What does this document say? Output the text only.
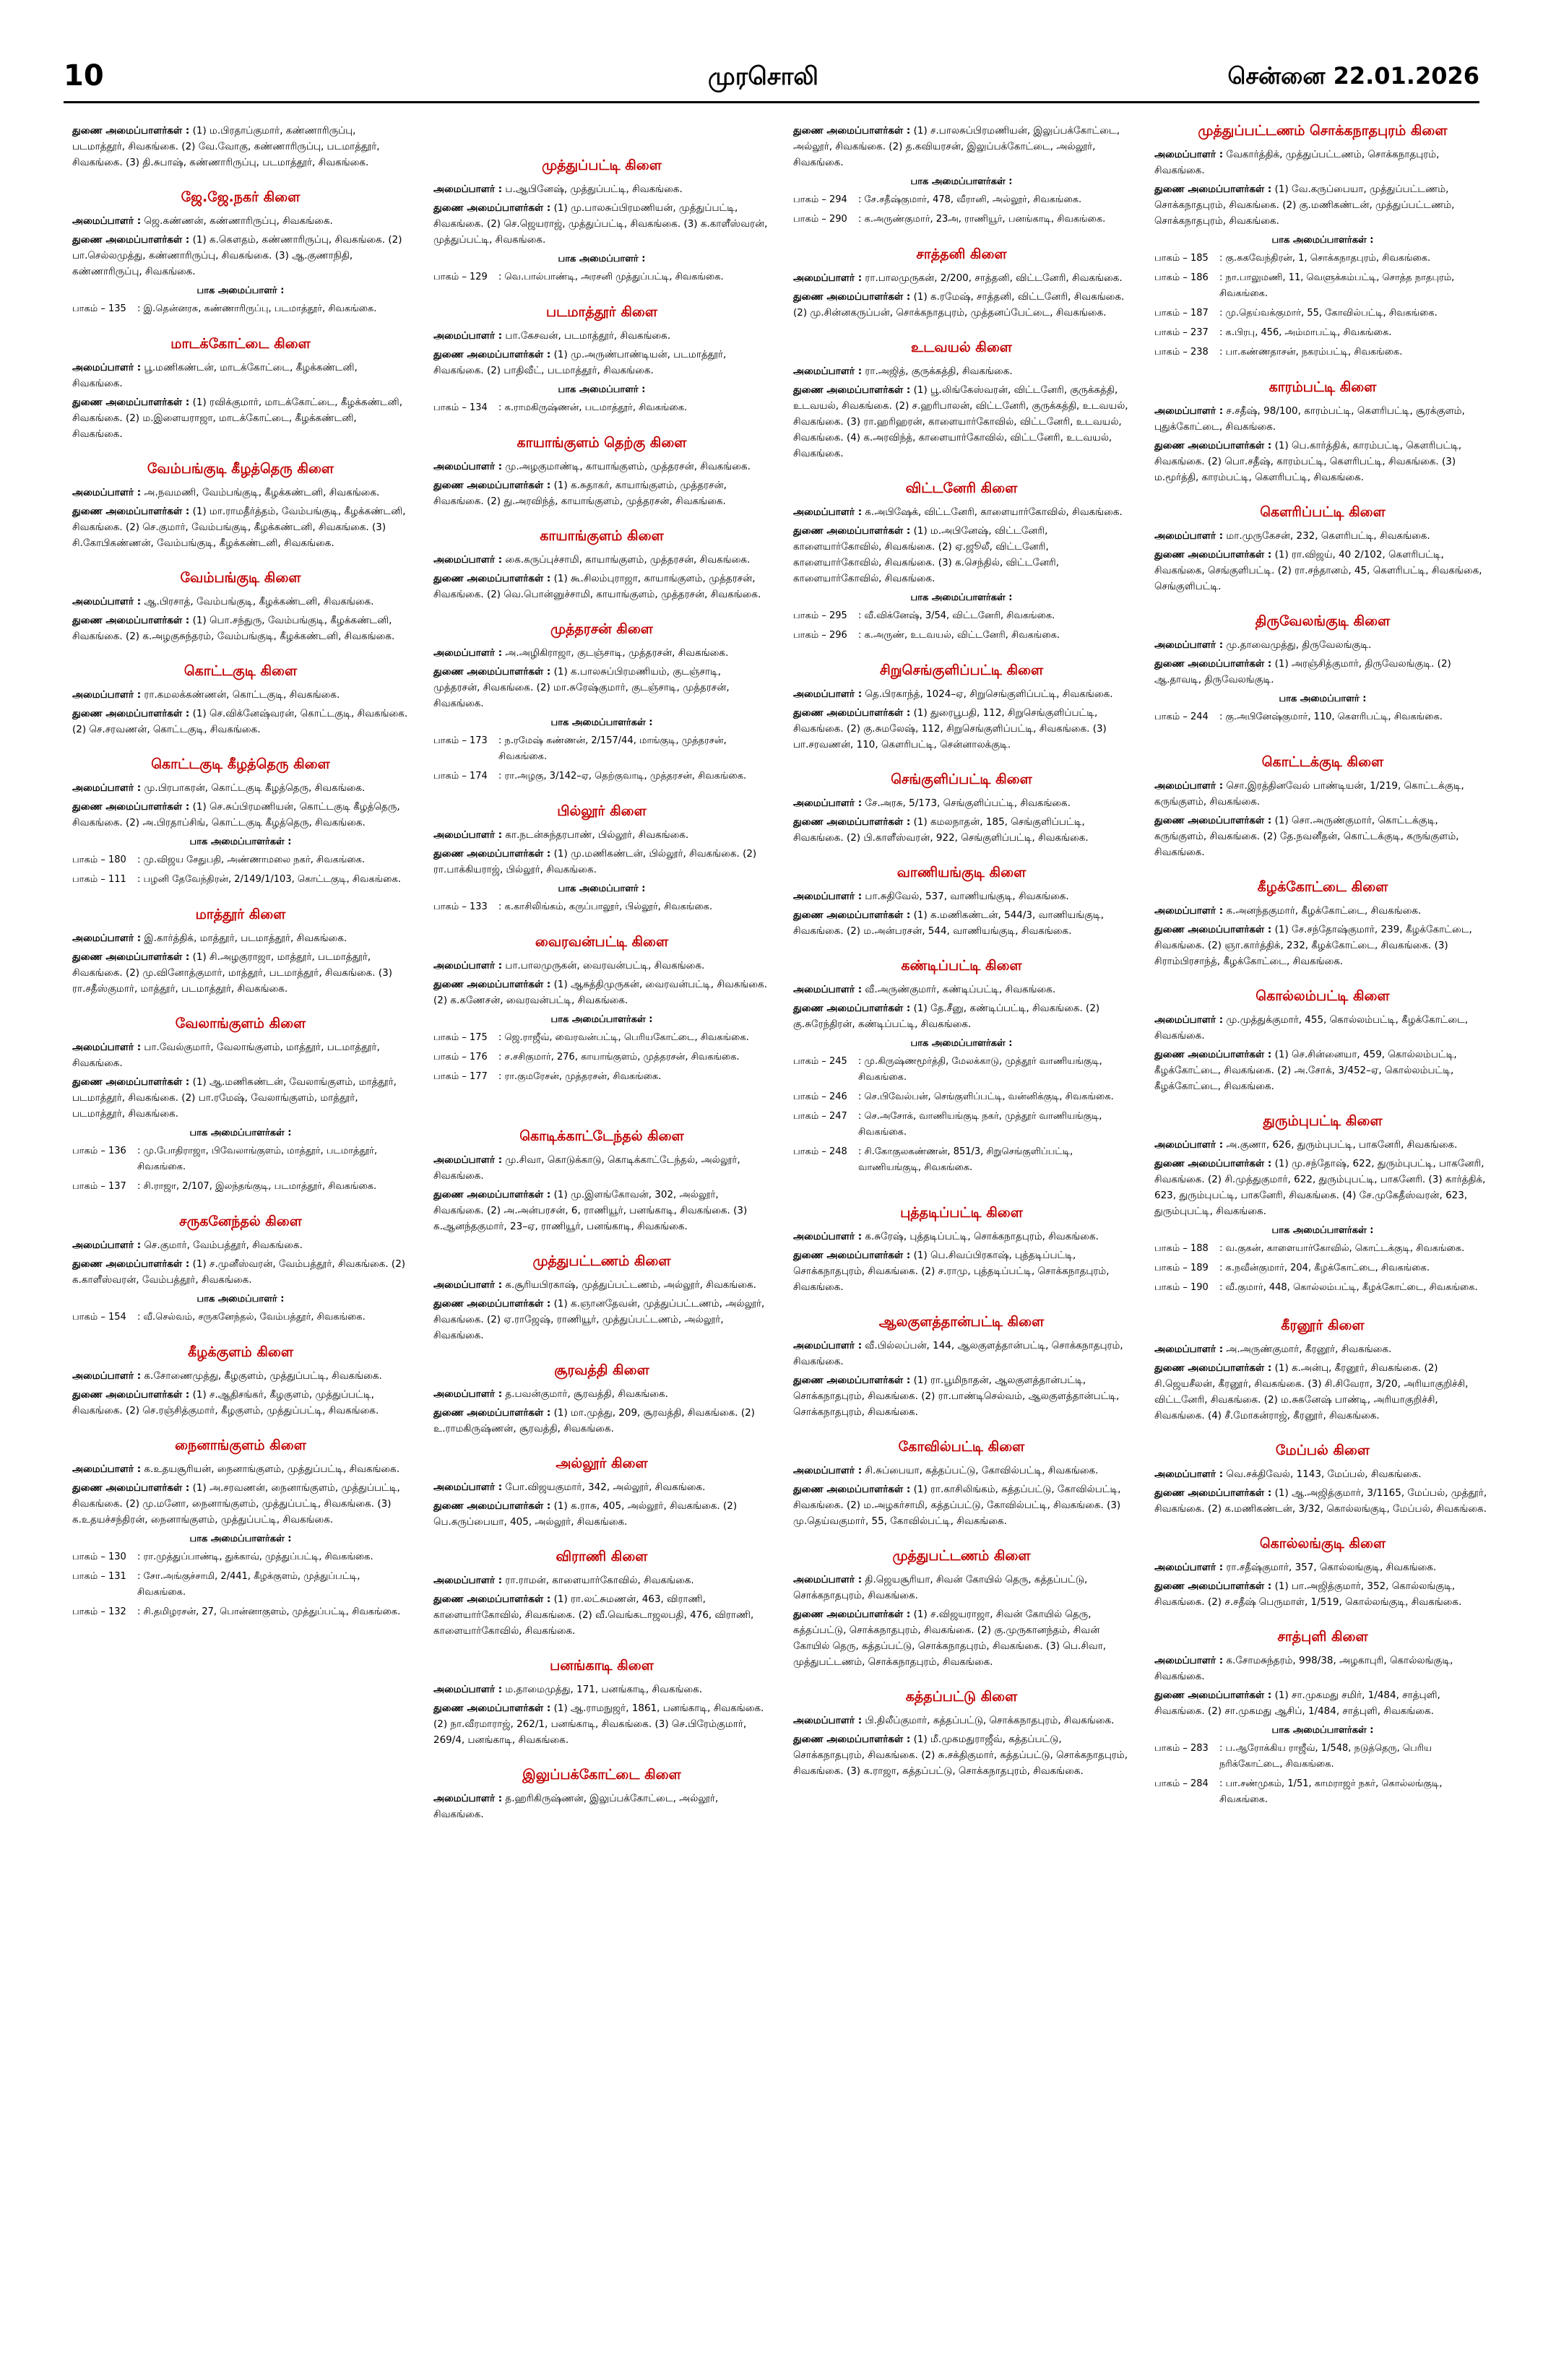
10	முரசொலி	சென்னை 22.01.2026
துணை அமைப்பாளர்கள் : (1) ம.பிரதாப்குமார், கண்ணாரிருப்பு, படமாத்தூர், சிவகங்கை. (2) வே.வோகு, கண்ணாரிருப்பு, படமாத்தூர், சிவகங்கை. (3) தி.சுபாஷ், கண்ணாரிருப்பு, படமாத்தூர், சிவகங்கை.
ஜே.ஜே.நகர் கிளை
அமைப்பாளர் : ஜெ.கண்ணன், கண்ணாரிருப்பு, சிவகங்கை.
துணை அமைப்பாளர்கள் : (1) க.கௌதம், கண்ணாரிருப்பு, சிவகங்கை. (2) பா.செல்லமுத்து, கண்ணாரிருப்பு, சிவகங்கை. (3) ஆ.குணாநிதி, கண்ணாரிருப்பு, சிவகங்கை.
பாக அமைப்பாளர் :
பாகம் – 135	: இ.தென்னரசு, கண்ணாரிருப்பு, படமாத்தூர், சிவகங்கை.
மாடக்கோட்டை கிளை
அமைப்பாளர் : பூ.மணிகண்டன், மாடக்கோட்டை, கீழக்கண்டனி, சிவகங்கை.
துணை அமைப்பாளர்கள் : (1) ரவிக்குமார், மாடக்கோட்டை, கீழக்கண்டனி, சிவகங்கை. (2) ம.இளையராஜா, மாடக்கோட்டை, கீழக்கண்டனி, சிவகங்கை.
வேம்பங்குடி கீழத்தெரு கிளை
அமைப்பாளர் : அ.நவமணி, வேம்பங்குடி, கீழக்கண்டனி, சிவகங்கை.
துணை அமைப்பாளர்கள் : (1) மா.ராமதீர்த்தம், வேம்பங்குடி, கீழக்கண்டனி, சிவகங்கை. (2) செ.குமார், வேம்பங்குடி, கீழக்கண்டனி, சிவகங்கை. (3) சி.கோபிகண்ணன், வேம்பங்குடி, கீழக்கண்டனி, சிவகங்கை.
வேம்பங்குடி கிளை
அமைப்பாளர் : ஆ.பிரசாத், வேம்பங்குடி, கீழக்கண்டனி, சிவகங்கை.
துணை அமைப்பாளர்கள் : (1) பொ.சந்துரு, வேம்பங்குடி, கீழக்கண்டனி, சிவகங்கை. (2) க.அழகுசுந்தரம், வேம்பங்குடி, கீழக்கண்டனி, சிவகங்கை.
கொட்டகுடி கிளை
அமைப்பாளர் : ரா.கமலக்கண்ணன், கொட்டகுடி, சிவகங்கை.
துணை அமைப்பாளர்கள் : (1) செ.விக்னேஷ்வரன், கொட்டகுடி, சிவகங்கை. (2) செ.சரவணன், கொட்டகுடி, சிவகங்கை.
கொட்டகுடி கீழத்தெரு கிளை
அமைப்பாளர் : மு.பிரபாகரன், கொட்டகுடி கீழத்தெரு, சிவகங்கை.
துணை அமைப்பாளர்கள் : (1) செ.சுப்பிரமணியன், கொட்டகுடி கீழத்தெரு, சிவகங்கை. (2) அ.பிரதாப்சிங், கொட்டகுடி கீழத்தெரு, சிவகங்கை.
பாக அமைப்பாளர்கள் :
பாகம் – 180	: மு.விஜய சேதுபதி, அண்ணாமலை நகர், சிவகங்கை.
பாகம் – 111	: பழனி தேவேந்திரன், 2/149/1/103, கொட்டகுடி, சிவகங்கை.
மாத்தூர் கிளை
அமைப்பாளர் : இ.கார்த்திக், மாத்தூர், படமாத்தூர், சிவகங்கை.
துணை அமைப்பாளர்கள் : (1) சி.அழகுராஜா, மாத்தூர், படமாத்தூர், சிவகங்கை. (2) மு.வினோத்குமார், மாத்தூர், படமாத்தூர், சிவகங்கை. (3) ரா.சதீஸ்குமார், மாத்தூர், படமாத்தூர், சிவகங்கை.
வேலாங்குளம் கிளை
அமைப்பாளர் : பா.வேல்குமார், வேலாங்குளம், மாத்தூர், படமாத்தூர், சிவகங்கை.
துணை அமைப்பாளர்கள் : (1) ஆ.மணிகண்டன், வேலாங்குளம், மாத்தூர், படமாத்தூர், சிவகங்கை. (2) பா.ரமேஷ், வேலாங்குளம், மாத்தூர், படமாத்தூர், சிவகங்கை.
பாக அமைப்பாளர்கள் :
பாகம் – 136	: மு.போதிராஜா, பிவேலாங்குளம், மாத்தூர், படமாத்தூர், சிவகங்கை.
பாகம் – 137	: சி.ராஜா, 2/107, இலந்தங்குடி, படமாத்தூர், சிவகங்கை.
சருகனேந்தல் கிளை
அமைப்பாளர் : செ.குமார், வேம்பத்தூர், சிவகங்கை.
துணை அமைப்பாளர்கள் : (1) ச.முனீஸ்வரன், வேம்பத்தூர், சிவகங்கை. (2) க.காளீஸ்வரன், வேம்பத்தூர், சிவகங்கை.
பாக அமைப்பாளர் :
பாகம் – 154	: வீ.செல்வம், சருகனேந்தல், வேம்பத்தூர், சிவகங்கை.
கீழக்குளம் கிளை
அமைப்பாளர் : க.சோணைமுத்து, கீழகுளம், முத்துப்பட்டி, சிவகங்கை.
துணை அமைப்பாளர்கள் : (1) ச.ஆதிசங்கர், கீழகுளம், முத்துப்பட்டி, சிவகங்கை. (2) செ.ரஞ்சித்குமார், கீழகுளம், முத்துப்பட்டி, சிவகங்கை.
நைனாங்குளம் கிளை
அமைப்பாளர் : க.உதயசூரியன், நைனாங்குளம், முத்துப்பட்டி, சிவகங்கை.
துணை அமைப்பாளர்கள் : (1) அ.சரவணன், நைனாங்குளம், முத்துப்பட்டி, சிவகங்கை. (2) மு.மனோ, நைனாங்குளம், முத்துப்பட்டி, சிவகங்கை. (3) க.உதயச்சந்திரன், நைனாங்குளம், முத்துப்பட்டி, சிவகங்கை.
பாக அமைப்பாளர்கள் :
பாகம் – 130	: ரா.முத்துப்பாண்டி, துக்காவ், முத்துப்பட்டி, சிவகங்கை.
பாகம் – 131	: சோ.அங்குச்சாமி, 2/441, கீழக்குளம், முத்துப்பட்டி, சிவகங்கை.
பாகம் – 132	: சி.தமிழரசன், 27, பொன்னாகுளம், முத்துப்பட்டி, சிவகங்கை.
முத்துப்பட்டி கிளை
அமைப்பாளர் : ப.ஆபினேஷ், முத்துப்பட்டி, சிவகங்கை.
துணை அமைப்பாளர்கள் : (1) மு.பாலசுப்பிரமணியன், முத்துப்பட்டி, சிவகங்கை. (2) செ.ஜெயராஜ், முத்துப்பட்டி, சிவகங்கை. (3) க.காளீஸ்வரன், முத்துப்பட்டி, சிவகங்கை.
பாக அமைப்பாளர் :
பாகம் – 129	: வெ.பால்பாண்டி, அரசனி முத்துப்பட்டி, சிவகங்கை.
படமாத்தூர் கிளை
அமைப்பாளர் : பா.கேசவன், படமாத்தூர், சிவகங்கை.
துணை அமைப்பாளர்கள் : (1) மு.அருண்பாண்டியன், படமாத்தூர், சிவகங்கை. (2) பாதிவீட், படமாத்தூர், சிவகங்கை.
பாக அமைப்பாளர் :
பாகம் – 134	: க.ராமகிருஷ்ணன், படமாத்தூர், சிவகங்கை.
காயாங்குளம் தெற்கு கிளை
அமைப்பாளர் : மு.அழகுமாண்டி, காயாங்குளம், முத்தரசன், சிவகங்கை.
துணை அமைப்பாளர்கள் : (1) க.சுதாகர், காயாங்குளம், முத்தரசன், சிவகங்கை. (2) து.அரவிந்த், காயாங்குளம், முத்தரசன், சிவகங்கை.
காயாங்குளம் கிளை
அமைப்பாளர் : கை.கருப்புச்சாமி, காயாங்குளம், முத்தரசன், சிவகங்கை.
துணை அமைப்பாளர்கள் : (1) கூ.சிலம்புராஜா, காயாங்குளம், முத்தரசன், சிவகங்கை. (2) வெ.பொன்னுச்சாமி, காயாங்குளம், முத்தரசன், சிவகங்கை.
முத்தரசன் கிளை
அமைப்பாளர் : அ.அழிகிராஜா, குடஞ்சாடி, முத்தரசன், சிவகங்கை.
துணை அமைப்பாளர்கள் : (1) க.பாலசுப்பிரமணியம், குடஞ்சாடி, முத்தரசன், சிவகங்கை. (2) மா.சுரேஷ்குமார், குடஞ்சாடி, முத்தரசன், சிவகங்கை.
பாக அமைப்பாளர்கள் :
பாகம் – 173	: ந.ரமேஷ் கண்ணன், 2/157/44, மாங்குடி, முத்தரசன், சிவகங்கை.
பாகம் – 174	: ரா.அழகு, 3/142–ஏ, தெற்குவாடி, முத்தரசன், சிவகங்கை.
பில்லூர் கிளை
அமைப்பாளர் : கா.நடன்சுந்தரபாண், பில்லூர், சிவகங்கை.
துணை அமைப்பாளர்கள் : (1) மு.மணிகண்டன், பில்லூர், சிவகங்கை. (2) ரா.பாக்கியராஜ், பில்லூர், சிவகங்கை.
பாக அமைப்பாளர் :
பாகம் – 133	: க.காசிலிங்கம், கருப்பாலூர், பில்லூர், சிவகங்கை.
வைரவன்பட்டி கிளை
அமைப்பாளர் : பா.பாலமுருகன், வைரவன்பட்டி, சிவகங்கை.
துணை அமைப்பாளர்கள் : (1) ஆசுத்திமுருகன், வைரவன்பட்டி, சிவகங்கை. (2) க.கணேசன், வைரவன்பட்டி, சிவகங்கை.
பாக அமைப்பாளர்கள் :
பாகம் – 175	: ஜெ.ராஜீவ், வைரவன்பட்டி, பெரியகோட்டை, சிவகங்கை.
பாகம் – 176	: ச.சசிகுமார், 276, காயாங்குளம், முத்தரசன், சிவகங்கை.
பாகம் – 177	: ரா.குமரேசன், முத்தரசன், சிவகங்கை.
கொடிக்காட்டேந்தல் கிளை
அமைப்பாளர் : மு.சிவா, கொடுக்காடு, கொடிக்காட்டேந்தல், அல்லூர், சிவகங்கை.
துணை அமைப்பாளர்கள் : (1) மு.இளங்கோவன், 302, அல்லூர், சிவகங்கை. (2) அ.அன்பரசன், 6, ராணியூர், பனங்காடி, சிவகங்கை. (3) க.ஆனந்தகுமார், 23–ஏ, ராணியூர், பனங்காடி, சிவகங்கை.
முத்துபட்டணம் கிளை
அமைப்பாளர் : க.சூரியபிரகாஷ், முத்துப்பட்டணம், அல்லூர், சிவகங்கை.
துணை அமைப்பாளர்கள் : (1) க.ஞானதேவன், முத்துப்பட்டணம், அல்லூர், சிவகங்கை. (2) ஏ.ராஜேஷ், ராணியூர், முத்துப்பட்டணம், அல்லூர், சிவகங்கை.
சூரவத்தி கிளை
அமைப்பாளர் : த.பவன்குமார், சூரவத்தி, சிவகங்கை.
துணை அமைப்பாளர்கள் : (1) மா.முத்து, 209, சூரவத்தி, சிவகங்கை. (2) உ.ராமகிருஷ்ணன், சூரவத்தி, சிவகங்கை.
அல்லூர் கிளை
அமைப்பாளர் : போ.விஜயகுமார், 342, அல்லூர், சிவகங்கை.
துணை அமைப்பாளர்கள் : (1) க.ராசு, 405, அல்லூர், சிவகங்கை. (2) பெ.கருப்பையா, 405, அல்லூர், சிவகங்கை.
விராணி கிளை
அமைப்பாளர் : ரா.ராமன், காளையார்கோவில், சிவகங்கை.
துணை அமைப்பாளர்கள் : (1) ரா.லட்சுமணன், 463, விராணி, காளையார்கோவில், சிவகங்கை. (2) வீ.வெங்கடாஜலபதி, 476, விராணி, காளையார்கோவில், சிவகங்கை.
பனங்காடி கிளை
அமைப்பாளர் : ம.தாமைமுத்து, 171, பனங்காடி, சிவகங்கை.
துணை அமைப்பாளர்கள் : (1) ஆ.ராமநுஜர், 1861, பனங்காடி, சிவகங்கை. (2) நா.வீரமாராஜ், 262/1, பனங்காடி, சிவகங்கை. (3) செ.பிரேம்குமார், 269/4, பனங்காடி, சிவகங்கை.
இலுப்பக்கோட்டை கிளை
அமைப்பாளர் : த.ஹரிகிருஷ்ணன், இலுப்பக்கோட்டை, அல்லூர், சிவகங்கை.
துணை அமைப்பாளர்கள் : (1) ச.பாலசுப்பிரமணியன், இலுப்பக்கோட்டை, அல்லூர், சிவகங்கை. (2) த.கவியரசன், இலுப்பக்கோட்டை, அல்லூர், சிவகங்கை.
பாக அமைப்பாளர்கள் :
பாகம் – 294	: சே.சதீஷ்குமார், 478, வீரானி, அல்லூர், சிவகங்கை.
பாகம் – 290	: க.அருண்குமார், 23அ, ராணியூர், பனங்காடி, சிவகங்கை.
சாத்தனி கிளை
அமைப்பாளர் : ரா.பாலமுருகன், 2/200, சாத்தனி, விட்டனேரி, சிவகங்கை.
துணை அமைப்பாளர்கள் : (1) க.ரமேஷ், சாத்தனி, விட்டனேரி, சிவகங்கை. (2) மு.சின்னகருப்பன், சொக்கநாதபுரம், முத்தனப்பேட்டை, சிவகங்கை.
உடவயல் கிளை
அமைப்பாளர் : ரா.அஜித், குருக்கத்தி, சிவகங்கை.
துணை அமைப்பாளர்கள் : (1) பூ.லிங்கேஸ்வரன், விட்டனேரி, குருக்கத்தி, உடவயல், சிவகங்கை. (2) ச.ஹரிபாலன், விட்டனேரி, குருக்கத்தி, உடவயல், சிவகங்கை. (3) ரா.ஹரிஹரன், காளையார்கோவில், விட்டனேரி, உடவயல், சிவகங்கை. (4) க.அரவிந்த், காளையார்கோவில், விட்டனேரி, உடவயல், சிவகங்கை.
விட்டனேரி கிளை
அமைப்பாளர் : க.அபிஷேக், விட்டனேரி, காளையார்கோவில், சிவகங்கை.
துணை அமைப்பாளர்கள் : (1) ம.அபினேஷ், விட்டனேரி, காளையார்கோவில், சிவகங்கை. (2) ஏ.ஜூலீ, விட்டனேரி, காளையார்கோவில், சிவகங்கை. (3) க.செந்தில், விட்டனேரி, காளையார்கோவில், சிவகங்கை.
பாக அமைப்பாளர்கள் :
பாகம் – 295	: வீ.விக்னேஷ், 3/54, விட்டனேரி, சிவகங்கை.
பாகம் – 296	: க.அருண், உடவயல், விட்டனேரி, சிவகங்கை.
சிறுசெங்குளிப்பட்டி கிளை
அமைப்பாளர் : தெ.பிரகாந்த், 1024–ஏ, சிறுசெங்குளிப்பட்டி, சிவகங்கை.
துணை அமைப்பாளர்கள் : (1) துரைபூபதி, 112, சிறுசெங்குளிப்பட்டி, சிவகங்கை. (2) கு.சுமலேஷ், 112, சிறுசெங்குளிப்பட்டி, சிவகங்கை. (3) பா.சரவணன், 110, கௌரிபட்டி, சென்னாலக்குடி.
செங்குளிப்பட்டி கிளை
அமைப்பாளர் : சே.அரசு, 5/173, செங்குளிப்பட்டி, சிவகங்கை.
துணை அமைப்பாளர்கள் : (1) கமலநாதன், 185, செங்குளிப்பட்டி, சிவகங்கை. (2) பி.காளீஸ்வரன், 922, செங்குளிப்பட்டி, சிவகங்கை.
வாணியங்குடி கிளை
அமைப்பாளர் : பா.சுதிவேல், 537, வாணியங்குடி, சிவகங்கை.
துணை அமைப்பாளர்கள் : (1) க.மணிகண்டன், 544/3, வாணியங்குடி, சிவகங்கை. (2) ம.அன்பரசன், 544, வாணியங்குடி, சிவகங்கை.
கண்டிப்பட்டி கிளை
அமைப்பாளர் : வீ.அருண்குமார், கண்டிப்பட்டி, சிவகங்கை.
துணை அமைப்பாளர்கள் : (1) தே.சீனு, கண்டிப்பட்டி, சிவகங்கை. (2) கு.சுரேந்திரன், கண்டிப்பட்டி, சிவகங்கை.
பாக அமைப்பாளர்கள் :
பாகம் – 245	: மு.கிருஷ்ணமூர்த்தி, மேலக்காடு, முத்தூர் வாணியங்குடி, சிவகங்கை.
பாகம் – 246	: செ.பிவேல்பன், செங்குளிப்பட்டி, வன்னிக்குடி, சிவகங்கை.
பாகம் – 247	: செ.அசோக், வாணியங்குடி நகர், முத்தூர் வாணியங்குடி, சிவகங்கை.
பாகம் – 248	: சி.கோகுலகண்ணன், 851/3, சிறுசெங்குளிப்பட்டி, வாணியங்குடி, சிவகங்கை.
புத்தடிப்பட்டி கிளை
அமைப்பாளர் : க.சுரேஷ், புத்தடிப்பட்டி, சொக்கநாதபுரம், சிவகங்கை.
துணை அமைப்பாளர்கள் : (1) பெ.சிவப்பிரகாஷ், புத்தடிப்பட்டி, சொக்கநாதபுரம், சிவகங்கை. (2) ச.ராமு, புத்தடிப்பட்டி, சொக்கநாதபுரம், சிவகங்கை.
ஆலகுளத்தான்பட்டி கிளை
அமைப்பாளர் : வீ.பில்லப்பன், 144, ஆலகுளத்தான்பட்டி, சொக்கநாதபுரம், சிவகங்கை.
துணை அமைப்பாளர்கள் : (1) ரா.பூமிநாதன், ஆலகுளத்தான்பட்டி, சொக்கநாதபுரம், சிவகங்கை. (2) ரா.பாண்டிசெல்வம், ஆலகுளத்தான்பட்டி, சொக்கநாதபுரம், சிவகங்கை.
கோவில்பட்டி கிளை
அமைப்பாளர் : சி.சுப்பையா, கத்தப்பட்டு, கோவில்பட்டி, சிவகங்கை.
துணை அமைப்பாளர்கள் : (1) ரா.காசிலிங்கம், கத்தப்பட்டு, கோவில்பட்டி, சிவகங்கை. (2) ம.அழகர்சாமி, கத்தப்பட்டு, கோவில்பட்டி, சிவகங்கை. (3) மு.தெய்வகுமார், 55, கோவில்பட்டி, சிவகங்கை.
முத்துபட்டணம் கிளை
அமைப்பாளர் : தி.ஜெயசூரியா, சிவன் கோயில் தெரு, கத்தப்பட்டு, சொக்கநாதபுரம், சிவகங்கை.
துணை அமைப்பாளர்கள் : (1) ச.விஜயராஜா, சிவன் கோயில் தெரு, கத்தப்பட்டு, சொக்கநாதபுரம், சிவகங்கை. (2) கு.முருகானந்தம், சிவன் கோயில் தெரு, கத்தப்பட்டு, சொக்கநாதபுரம், சிவகங்கை. (3) பெ.சிவா, முத்துபட்டணம், சொக்கநாதபுரம், சிவகங்கை.
கத்தப்பட்டு கிளை
அமைப்பாளர் : பி.திலீப்குமார், கத்தப்பட்டு, சொக்கநாதபுரம், சிவகங்கை.
துணை அமைப்பாளர்கள் : (1) மீ.முகமதுராஜீவ், கத்தப்பட்டு, சொக்கநாதபுரம், சிவகங்கை. (2) சு.சக்திகுமார், கத்தப்பட்டு, சொக்கநாதபுரம், சிவகங்கை. (3) க.ராஜா, கத்தப்பட்டு, சொக்கநாதபுரம், சிவகங்கை.
முத்துப்பட்டணம் சொக்கநாதபுரம் கிளை
அமைப்பாளர் : வேகார்த்திக், முத்துப்பட்டணம், சொக்கநாதபுரம், சிவகங்கை.
துணை அமைப்பாளர்கள் : (1) வே.கருப்பையா, முத்துப்பட்டணம், சொக்கநாதபுரம், சிவகங்கை. (2) கு.மணிகண்டன், முத்துப்பட்டணம், சொக்கநாதபுரம், சிவகங்கை.
பாக அமைப்பாளர்கள் :
பாகம் – 185	: கு.சுகவேந்திரன், 1, சொக்கநாதபுரம், சிவகங்கை.
பாகம் – 186	: நா.பாலுமணி, 11, வெளுக்கம்பட்டி, சொத்த நாதபுரம், சிவகங்கை.
பாகம் – 187	: மு.தெய்வக்குமார், 55, கோவில்பட்டி, சிவகங்கை.
பாகம் – 237	: க.பிரபு, 456, அம்மாபட்டி, சிவகங்கை.
பாகம் – 238	: பா.கண்ணதாசன், நகரம்பட்டி, சிவகங்கை.
காரம்பட்டி கிளை
அமைப்பாளர் : ச.சதீஷ், 98/100, காரம்பட்டி, கௌரிபட்டி, சூரக்குளம், புதுக்கோட்டை, சிவகங்கை.
துணை அமைப்பாளர்கள் : (1) பெ.கார்த்திக், காரம்பட்டி, கௌரிபட்டி, சிவகங்கை. (2) பொ.சதீஷ், காரம்பட்டி, கௌரிபட்டி, சிவகங்கை. (3) ம.மூர்த்தி, காரம்பட்டி, கௌரிபட்டி, சிவகங்கை.
கௌரிப்பட்டி கிளை
அமைப்பாளர் : மா.முருகேசன், 232, கௌரிபட்டி, சிவகங்கை.
துணை அமைப்பாளர்கள் : (1) ரா.விஜய், 40 2/102, கௌரிபட்டி, சிவகங்கை, செங்குளிபட்டி. (2) ரா.சந்தானம், 45, கௌரிபட்டி, சிவகங்கை, செங்குளிபட்டி.
திருவேலங்குடி கிளை
அமைப்பாளர் : மு.தாவைமுத்து, திருவேலங்குடி.
துணை அமைப்பாளர்கள் : (1) அரஞ்சித்குமார், திருவேலங்குடி. (2) ஆ.தாவடி, திருவேலங்குடி.
பாக அமைப்பாளர் :
பாகம் – 244	: கு.அபினேஷ்குமார், 110, கௌரிபட்டி, சிவகங்கை.
கொட்டக்குடி கிளை
அமைப்பாளர் : சொ.இரத்தினவேல் பாண்டியன், 1/219, கொட்டக்குடி, கருங்குளம், சிவகங்கை.
துணை அமைப்பாளர்கள் : (1) சொ.அருண்குமார், கொட்டக்குடி, கருங்குளம், சிவகங்கை. (2) தே.நவனீதன், கொட்டக்குடி, கருங்குளம், சிவகங்கை.
கீழக்கோட்டை கிளை
அமைப்பாளர் : க.அனந்தகுமார், கீழக்கோட்டை, சிவகங்கை.
துணை அமைப்பாளர்கள் : (1) சே.சந்தோஷ்குமார், 239, கீழக்கோட்டை, சிவகங்கை. (2) ஞா.கார்த்திக், 232, கீழக்கோட்டை, சிவகங்கை. (3) சிராம்பிரசாந்த், கீழக்கோட்டை, சிவகங்கை.
கொல்லம்பட்டி கிளை
அமைப்பாளர் : மு.முத்துக்குமார், 455, கொல்லம்பட்டி, கீழக்கோட்டை, சிவகங்கை.
துணை அமைப்பாளர்கள் : (1) செ.சின்னையா, 459, கொல்லம்பட்டி, கீழக்கோட்டை, சிவகங்கை. (2) அ.சோக், 3/452–ஏ, கொல்லம்பட்டி, கீழக்கோட்டை, சிவகங்கை.
துரும்புபட்டி கிளை
அமைப்பாளர் : அ.குணா, 626, துரும்புபட்டி, பாகனேரி, சிவகங்கை.
துணை அமைப்பாளர்கள் : (1) மு.சந்தோஷ், 622, துரும்புபட்டி, பாகனேரி, சிவகங்கை. (2) சி.முத்துகுமார், 622, துரும்புபட்டி, பாகனேரி. (3) கார்த்திக், 623, துரும்புபட்டி, பாகனேரி, சிவகங்கை. (4) சே.முகேதீஸ்வரன், 623, துரும்புபட்டி, சிவகங்கை.
பாக அமைப்பாளர்கள் :
பாகம் – 188	: வ.குகன், காளையார்கோவில், கொட்டக்குடி, சிவகங்கை.
பாகம் – 189	: க.நவீன்குமார், 204, கீழக்கோட்டை, சிவகங்கை.
பாகம் – 190	: வீ.குமார், 448, கொல்லம்பட்டி, கீழக்கோட்டை, சிவகங்கை.
கீரனூர் கிளை
அமைப்பாளர் : அ.அருண்குமார், கீரனூர், சிவகங்கை.
துணை அமைப்பாளர்கள் : (1) க.அன்பு, கீரனூர், சிவகங்கை. (2) சி.ஜெயசீலன், கீரனூர், சிவகங்கை. (3) சி.சிவேரா, 3/20, அரியாகுறிச்சி, விட்டனேரி, சிவகங்கை. (2) ம.சுகனேஷ் பாண்டி, அரியாகுறிச்சி, சிவகங்கை. (4) சீ.மோகன்ராஜ், கீரனூர், சிவகங்கை.
மேப்பல் கிளை
அமைப்பாளர் : வெ.சக்திவேல், 1143, மேப்பல், சிவகங்கை.
துணை அமைப்பாளர்கள் : (1) ஆ.அஜித்குமார், 3/1165, மேப்பல், முத்தூர், சிவகங்கை. (2) க.மணிகண்டன், 3/32, கொல்லங்குடி, மேப்பல், சிவகங்கை.
கொல்லங்குடி கிளை
அமைப்பாளர் : ரா.சதீஷ்குமார், 357, கொல்லங்குடி, சிவகங்கை.
துணை அமைப்பாளர்கள் : (1) பா.அஜித்குமார், 352, கொல்லங்குடி, சிவகங்கை. (2) ச.சதீஷ் பெருமாள், 1/519, கொல்லங்குடி, சிவகங்கை.
சாத்புளி கிளை
அமைப்பாளர் : க.சோமசுந்தரம், 998/38, அழகாபுரி, கொல்லங்குடி, சிவகங்கை.
துணை அமைப்பாளர்கள் : (1) சா.முகமது சமிர், 1/484, சாத்புளி, சிவகங்கை. (2) சா.முகமது ஆசிப், 1/484, சாத்புளி, சிவகங்கை.
பாக அமைப்பாளர்கள் :
பாகம் – 283	: ப.ஆரோக்கிய ராஜீவ், 1/548, நடுத்தெரு, பெரிய நரிக்கோட்டை, சிவகங்கை.
பாகம் – 284	: பா.சண்முகம், 1/51, காமராஜர் நகர், கொல்லங்குடி, சிவகங்கை.
